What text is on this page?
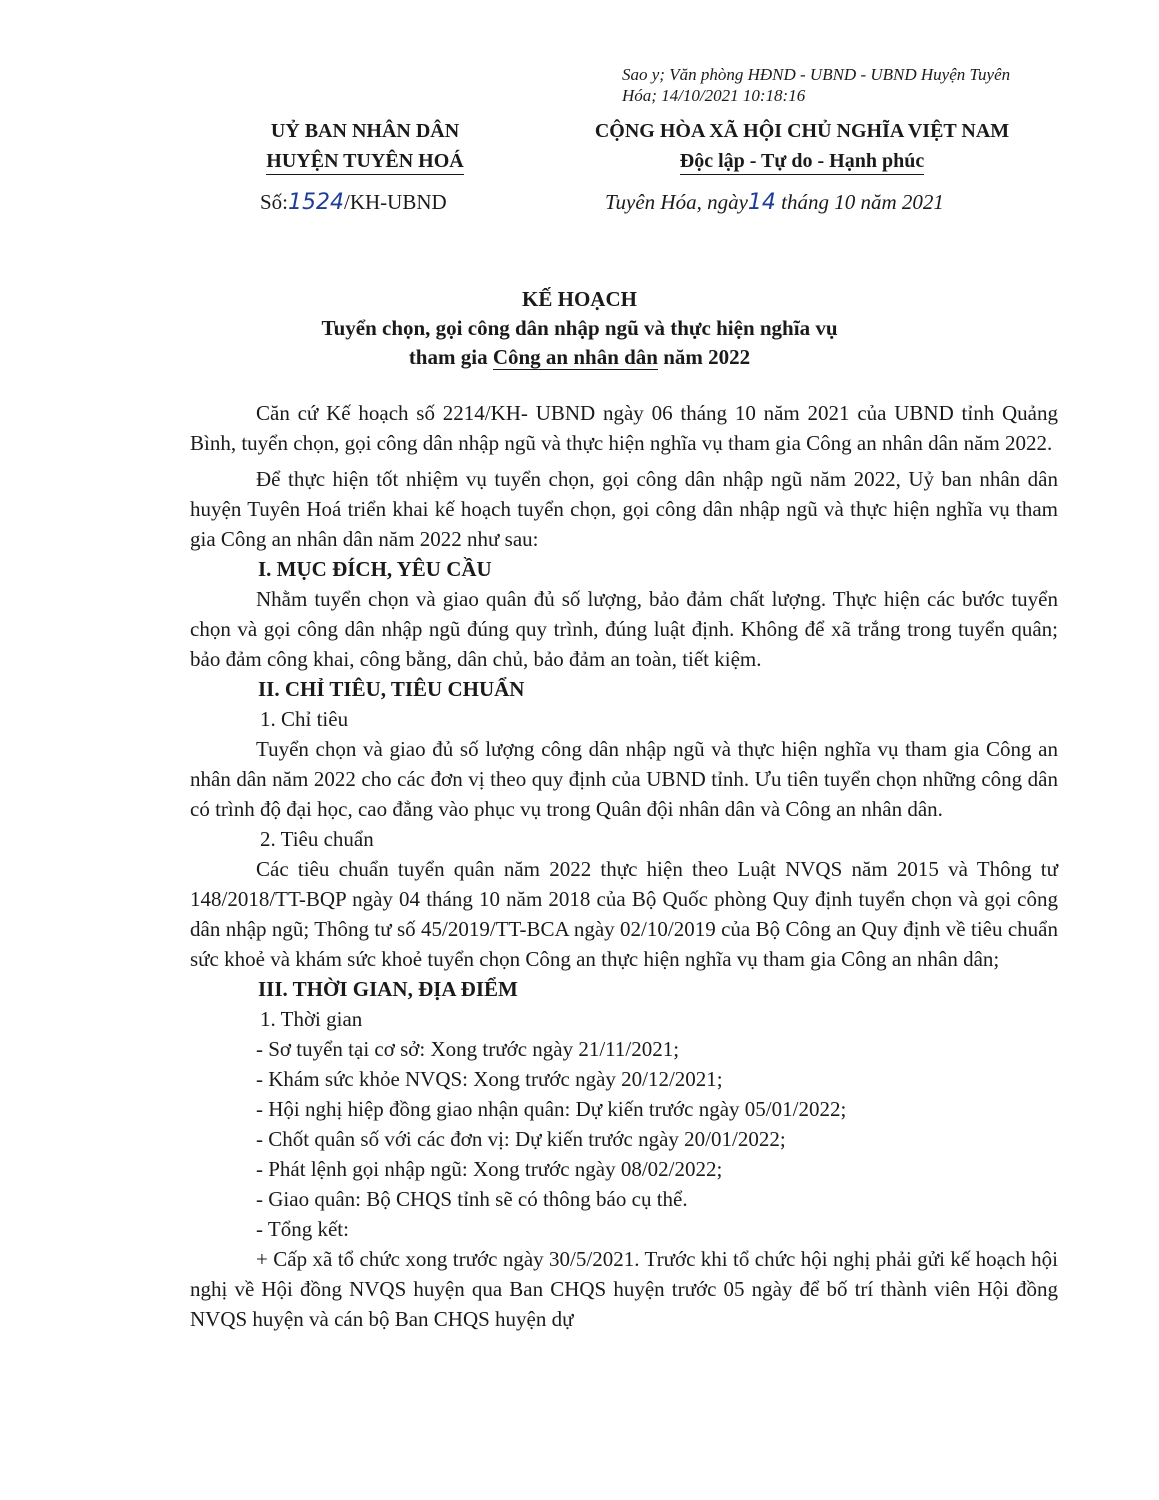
Sao y; Văn phòng HĐND - UBND - UBND Huyện Tuyên Hóa; 14/10/2021 10:18:16
UỶ BAN NHÂN DÂN
HUYỆN TUYÊN HOÁ
CỘNG HÒA XÃ HỘI CHỦ NGHĨA VIỆT NAM
Độc lập - Tự do - Hạnh phúc
Số:1524/KH-UBND	Tuyên Hóa, ngày14 tháng 10 năm 2021
KẾ HOẠCH
Tuyển chọn, gọi công dân nhập ngũ và thực hiện nghĩa vụ
tham gia Công an nhân dân năm 2022

Căn cứ Kế hoạch số 2214/KH- UBND ngày 06 tháng 10 năm 2021 của UBND tỉnh Quảng Bình, tuyển chọn, gọi công dân nhập ngũ và thực hiện nghĩa vụ tham gia Công an nhân dân năm 2022.

Để thực hiện tốt nhiệm vụ tuyển chọn, gọi công dân nhập ngũ năm 2022, Uỷ ban nhân dân huyện Tuyên Hoá triển khai kế hoạch tuyển chọn, gọi công dân nhập ngũ và thực hiện nghĩa vụ tham gia Công an nhân dân năm 2022 như sau:

I. MỤC ĐÍCH, YÊU CẦU

Nhằm tuyển chọn và giao quân đủ số lượng, bảo đảm chất lượng. Thực hiện các bước tuyển chọn và gọi công dân nhập ngũ đúng quy trình, đúng luật định. Không để xã trắng trong tuyển quân; bảo đảm công khai, công bằng, dân chủ, bảo đảm an toàn, tiết kiệm.

II. CHỈ TIÊU, TIÊU CHUẨN

1. Chỉ tiêu

Tuyển chọn và giao đủ số lượng công dân nhập ngũ và thực hiện nghĩa vụ tham gia Công an nhân dân năm 2022 cho các đơn vị theo quy định của UBND tỉnh. Ưu tiên tuyển chọn những công dân có trình độ đại học, cao đẳng vào phục vụ trong Quân đội nhân dân và Công an nhân dân.

2. Tiêu chuẩn

Các tiêu chuẩn tuyển quân năm 2022 thực hiện theo Luật NVQS năm 2015 và Thông tư 148/2018/TT-BQP ngày 04 tháng 10 năm 2018 của Bộ Quốc phòng Quy định tuyển chọn và gọi công dân nhập ngũ; Thông tư số 45/2019/TT-BCA ngày 02/10/2019 của Bộ Công an Quy định về tiêu chuẩn sức khoẻ và khám sức khoẻ tuyển chọn Công an thực hiện nghĩa vụ tham gia Công an nhân dân;

III. THỜI GIAN, ĐỊA ĐIỂM

1. Thời gian

- Sơ tuyển tại cơ sở: Xong trước ngày 21/11/2021;

- Khám sức khỏe NVQS: Xong trước ngày 20/12/2021;

- Hội nghị hiệp đồng giao nhận quân: Dự kiến trước ngày 05/01/2022;

- Chốt quân số với các đơn vị: Dự kiến trước ngày 20/01/2022;

- Phát lệnh gọi nhập ngũ: Xong trước ngày 08/02/2022;

- Giao quân: Bộ CHQS tỉnh sẽ có thông báo cụ thể.

- Tổng kết:

+ Cấp xã tổ chức xong trước ngày 30/5/2021. Trước khi tổ chức hội nghị phải gửi kế hoạch hội nghị về Hội đồng NVQS huyện qua Ban CHQS huyện trước 05 ngày để bố trí thành viên Hội đồng NVQS huyện và cán bộ Ban CHQS huyện dự
